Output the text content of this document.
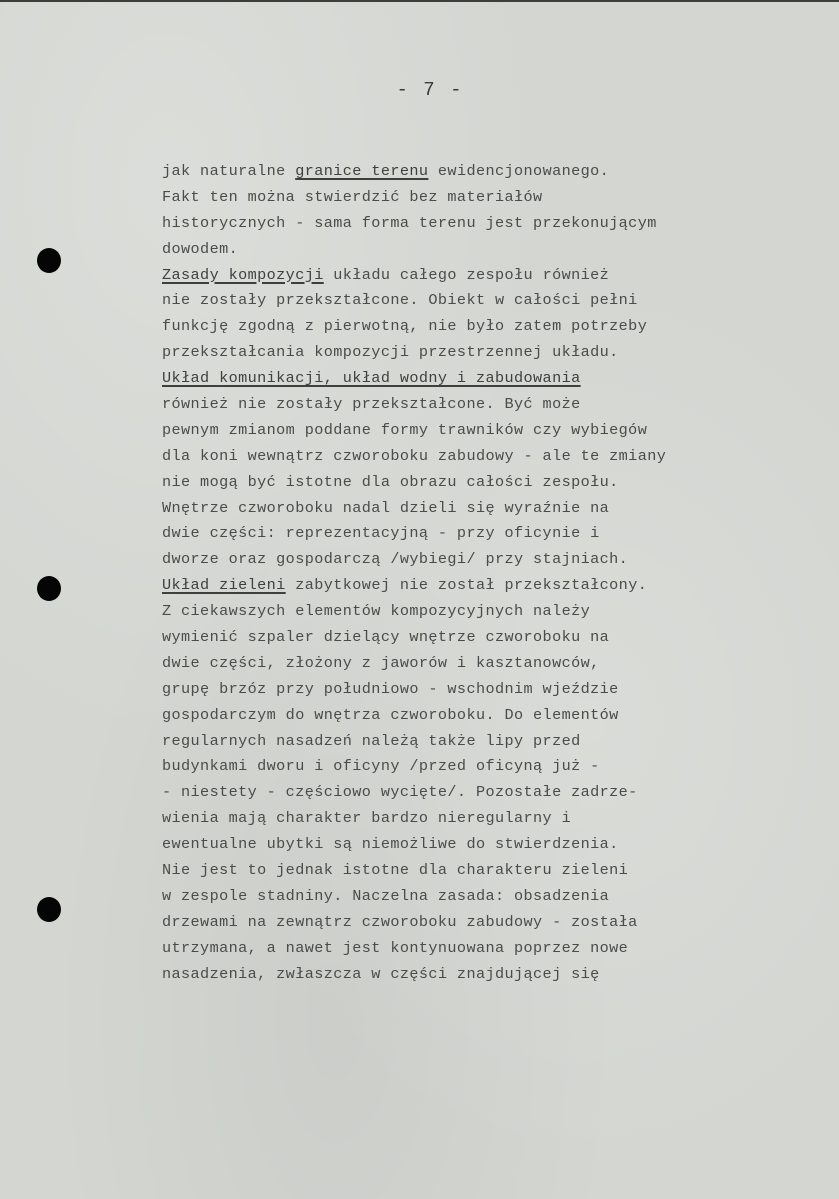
- 7 -
jak naturalne granice terenu ewidencjonowanego.
Fakt ten można stwierdzić bez materiałów
historycznych - sama forma terenu jest przekonującym
dowodem.
Zasady kompozycji układu całego zespołu również
nie zostały przekształcone. Obiekt w całości pełni
funkcję zgodną z pierwotną, nie było zatem potrzeby
przekształcania kompozycji przestrzennej układu.
Układ komunikacji, układ wodny i zabudowania
również nie zostały przekształcone. Być może
pewnym zmianom poddane formy trawników czy wybiegów
dla koni wewnątrz czworoboku zabudowy - ale te zmiany
nie mogą być istotne dla obrazu całości zespołu.
Wnętrze czworoboku nadal dzieli się wyraźnie na
dwie części: reprezentacyjną - przy oficynie i
dworze oraz gospodarczą /wybiegi/ przy stajniach.
Układ zieleni zabytkowej nie został przekształcony.
Z ciekawszych elementów kompozycyjnych należy
wymienić szpaler dzielący wnętrze czworoboku na
dwie części, złożony z jaworów i kasztanowców,
grupę brzóz przy południowo - wschodnim wjeździe
gospodarczym do wnętrza czworoboku. Do elementów
regularnych nasadzeń należą także lipy przed
budynkami dworu i oficyny /przed oficyną już -
- niestety - częściowo wycięte/. Pozostałe zadrze-
wienia mają charakter bardzo nieregularny i
ewentualne ubytki są niemożliwe do stwierdzenia.
Nie jest to jednak istotne dla charakteru zieleni
w zespole stadniny. Naczelna zasada: obsadzenia
drzewami na zewnątrz czworoboku zabudowy - została
utrzymana, a nawet jest kontynuowana poprzez nowe
nasadzenia, zwłaszcza w części znajdującej się
